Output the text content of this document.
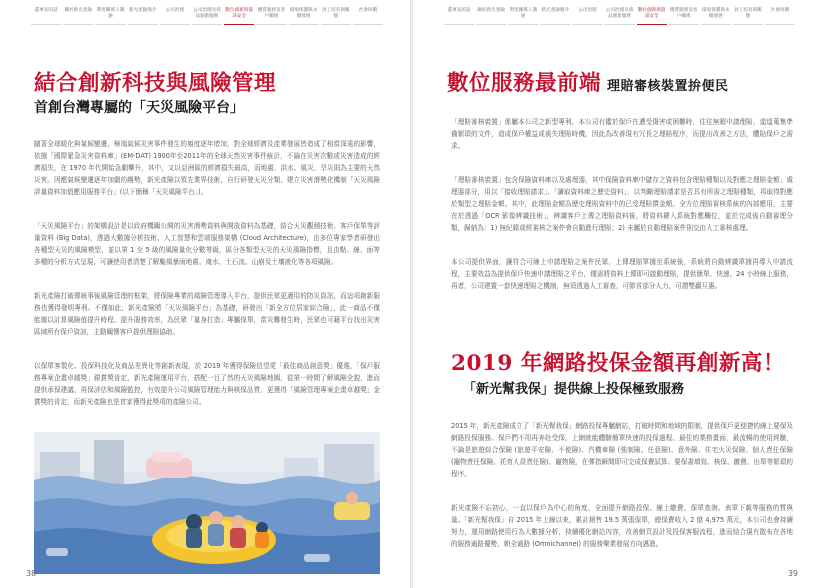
董事長的話	關於新光產險 利害關係人溝通
新光產險簡介	公司治理	公司治理及商品創新服務
數位創新與資訊安全
優質服務及客戶關係
環境保護與永續發展
員工培育與關懷
社會回饋
結合創新科技與風險管理
首創台灣專屬的「天災風險平台」

隨著全球暖化與氣候變遷，極端氣候災害事件發生的頻度逐年增加，對全球經濟及產業發展皆造成了相當深遠的影響，依據「國際緊急災害資料庫」(EM-DAT) 1900年至2011年的全球天然災害事件統計，不論在災害次數或災害造成的經濟損失，在 1970 年代開始急劇攀升，其中，又以亞洲區的經濟損失最高，而地震、洪水、風災、旱災則為主要的天然災害。因應氣候變遷逐年加劇的趨勢，新光產險以領先業界技術，自行研發天災分類、建立災害潛勢化機制「天災風險評量資料加值應用服務平台」(以下簡稱「天災風險平台」)。

「天災風險平台」的架構設計是以政府機關公開的災害潛勢資料與開放資料為基礎，結合天災觀測技術、客戶保單等評量資料 (Big Data)，透過大數據分析技術、人工智慧和雲端服務架構 (Cloud Architecture)，由多位專家學者研發出各種型天災的風險模型，並以第 1 至 5 級的風險量化分數等級，區分各類型天災的天災風險指標，且由點、線、面等多種的分析方式呈現，可讓使用者清楚了解颱風暴雨地震、淹水、土石流、山崩及土壤液化等各項風險。

新光產險打破傳統事後風險管理的框架，將保險專業的風險管理導入平台，提供民眾更適用的防災資訊，而這項創新服務也獲得發明專利。不僅如此，新光產險將「天災風險平台」為基礎，研發出「新全方位居家綜合險」，此一商品不僅能據以計算風險值提升時程、提升服務效率，為民眾「量身打造」專屬保單，當災難發生時，民眾也可藉平台找出災害區域所有保戶資訊，主動關懷客戶提供理賠協助。

以保單客製化、投保科技化及商品差異化等創新表現，於 2019 年獲得保險信望愛「最佳商品創意獎」優選，「保戶服務專案企畫卓越獎」銀賞獎肯定，新光產險運用平台，搭配一目了然的天災風險地圖，從第一時間了解風險全貌，進而提供承保建議、再保評估和風險監控，有效提升公司風險管理能力與核保品質，更獲得「風險管理專案企畫卓越獎」金賞獎的肯定，而新光產險也是首家獲得此獎項的產險公司。

38
董事長的話	關於新光產險 利害關係人溝通
新光產險簡介	公司治理	公司治理及商品創新服務
數位創新與資訊安全
優質服務及客戶關係
環境保護與永續發展
員工培育與關懷
社會回饋
數位服務最前端 理賠審核裝置拚便民

「理賠審核裝置」係屬本公司之新型專利。本公司有鑑於保戶在遭受傷害或困難時，往往無暇申請理賠，遑遑蒐集準備繁瑣的文件，造成保戶權益或喪失理賠時機，因此為改善現有冗長之理賠程序，而提出改善之方法，體貼保戶之需求。

「理賠審核裝置」包含保險資料庫以及處理器，其中保險資料庫中儲存之資料包含理賠種類以及對應之理賠金額；處理器部分，用以「接收理賠請求」、「讀取資料庫之歷史資料」，以判斷理賠請求是否具有所需之理賠種類，再取得對應於類型之理賠金額。其中，此理賠金額為歷史理賠資料中的已受理賠償金額。全方位理賠審核系統的內部應用，主要在於透過「OCR 影像辨識技術」，辨識客戶上傳之理賠資料後，將資料鍵入系統對應欄位，並於完成後自動審理分類，歸納為：1) 無紀錄或經審核之案件會自動進行理賠；2) 未屬於自動理賠案件則交由人工審核處理。

本公司提供界面，讓符合可線上申請理賠之案件民眾，上傳理賠單據至系統後，系統將自動辨識單據再導入申請流程，主要效益為提供保戶快速申請理賠之平台，僅需將資料上傳即可啟動理賠，提供簡單、快速、24 小時線上服務，再者，公司建置一套快速理賠之機制，無須透過人工審查，可節省部分人力，可謂雙贏互惠。

2019 年網路投保金額再創新高！
「新光幫我保」提供線上投保極致服務

2015 年，新光產險成立了「新光幫我保」網路投保專屬網站，打破時間和地域的限制，提供保戶更便捷的線上要保及網路投保服務。保戶們不用再奔赴受保，上網就能體驗簡單快速的投保過程。最佳的業務畫面，最流暢的使用經驗，不論是旅遊綜合保險 (旅遊平安險、不便險)、汽機車險 (強制險、任意險)、意外險、住宅火災保險、個人責任保險 (寵物責任保險、托育人員責任險)、寵物險，在彈指瞬間即可完成保費試算、要保書填寫、核保、繳費、出單等繁瑣的程序。

新光產險不忘初心，一直以保戶為中心的角度，全面提升網路投保、線上繳費、保單查詢、表單下載等服務的質與量。「新光幫我保」自 2015 年上線以來，累計銷售 19.5 萬張保單，總保費收入 2 億 4,975 萬元，本公司也會持續努力，運用網路使用行為大數據分析，持續優化網站內容，改善網頁設計及投保客服流程，進而結合現有散布在各地的服務通路優勢，朝全通路 (Omnichannel) 的服務樂業發展方向邁進。

39
